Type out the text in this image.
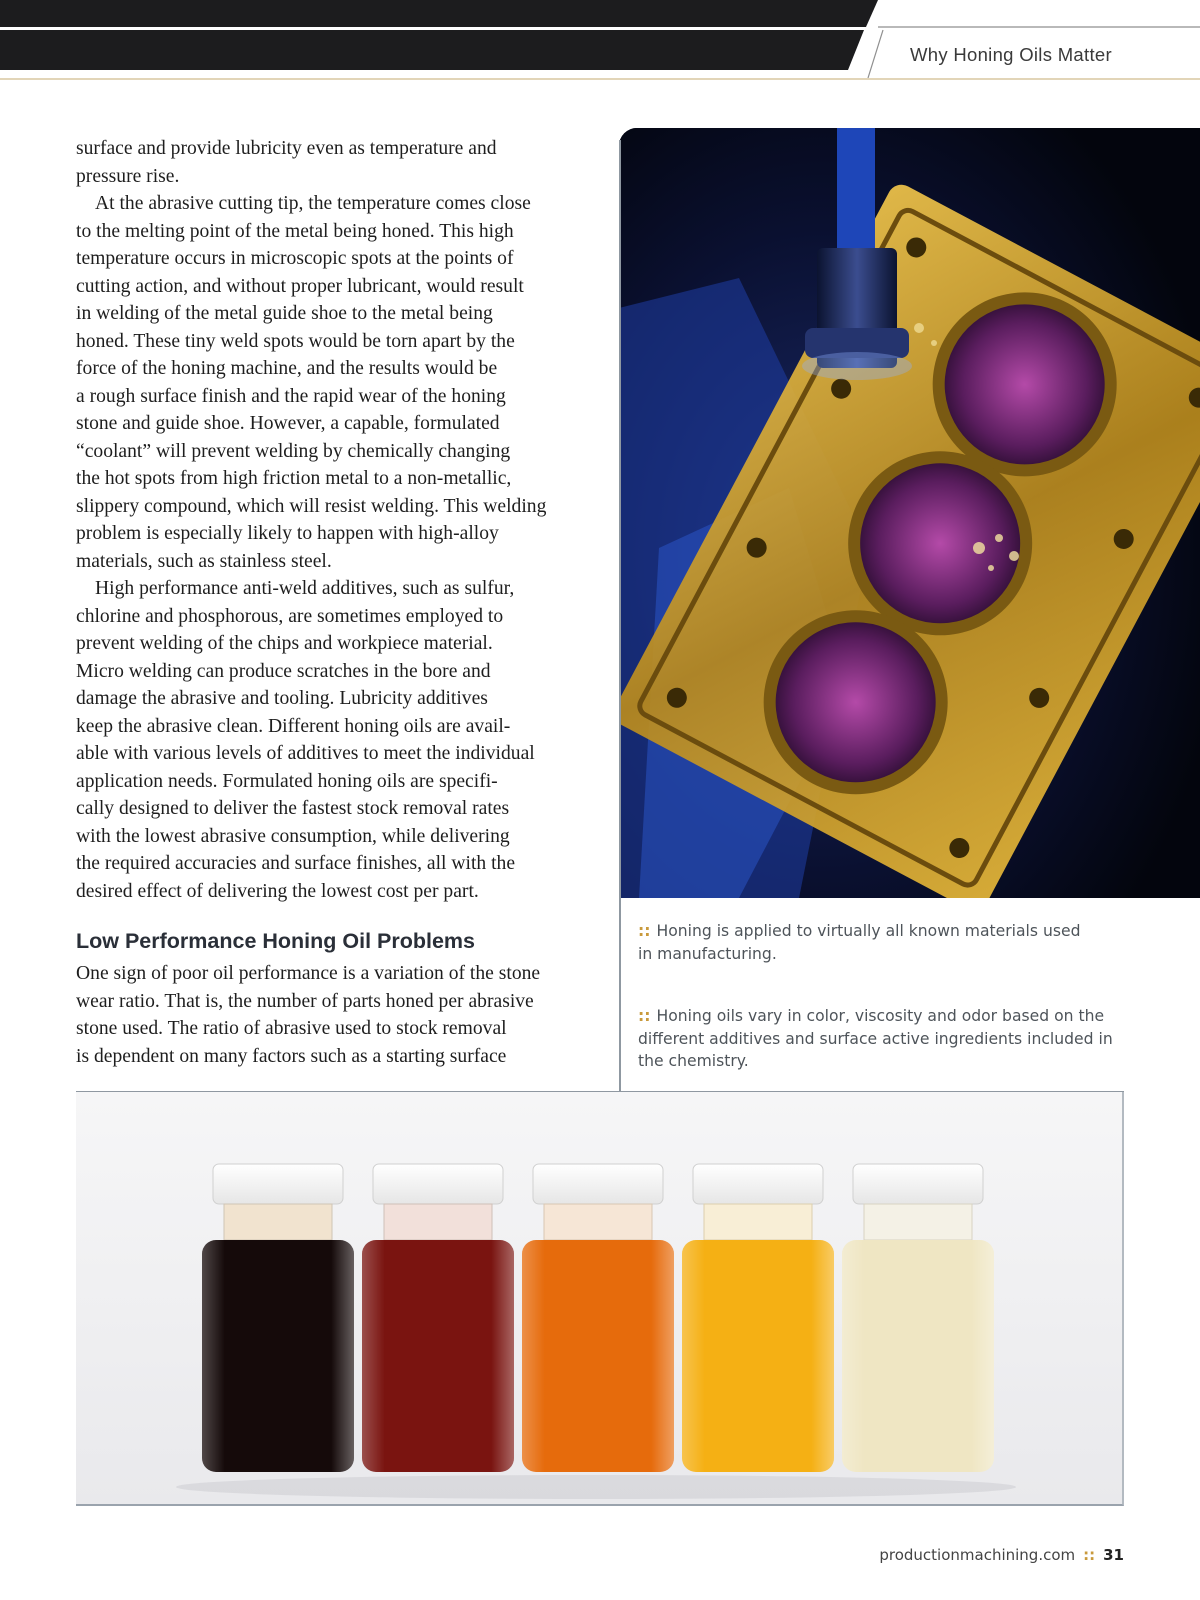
Why Honing Oils Matter

surface and provide lubricity even as temperature and

pressure rise.

At the abrasive cutting tip, the temperature comes close

to the melting point of the metal being honed. This high

temperature occurs in microscopic spots at the points of

cutting action, and without proper lubricant, would result

in welding of the metal guide shoe to the metal being

honed. These tiny weld spots would be torn apart by the

force of the honing machine, and the results would be

a rough surface finish and the rapid wear of the honing

stone and guide shoe. However, a capable, formulated

“coolant” will prevent welding by chemically changing

the hot spots from high friction metal to a non-metallic,

slippery compound, which will resist welding. This welding

problem is especially likely to happen with high-alloy

materials, such as stainless steel.

High performance anti-weld additives, such as sulfur,

chlorine and phosphorous, are sometimes employed to

prevent welding of the chips and workpiece material.

Micro welding can produce scratches in the bore and

damage the abrasive and tooling. Lubricity additives

keep the abrasive clean. Different honing oils are avail-

able with various levels of additives to meet the individual

application needs. Formulated honing oils are specifi-

cally designed to deliver the fastest stock removal rates

with the lowest abrasive consumption, while delivering

the required accuracies and surface finishes, all with the

desired effect of delivering the lowest cost per part.

Low Performance Honing Oil Problems

One sign of poor oil performance is a variation of the stone

wear ratio. That is, the number of parts honed per abrasive

stone used. The ratio of abrasive used to stock removal

is dependent on many factors such as a starting surface

:: Honing is applied to virtually all known materials used

in manufacturing.

:: Honing oils vary in color, viscosity and odor based on the

different additives and surface active ingredients included in

the chemistry.

productionmachining.com :: 31
